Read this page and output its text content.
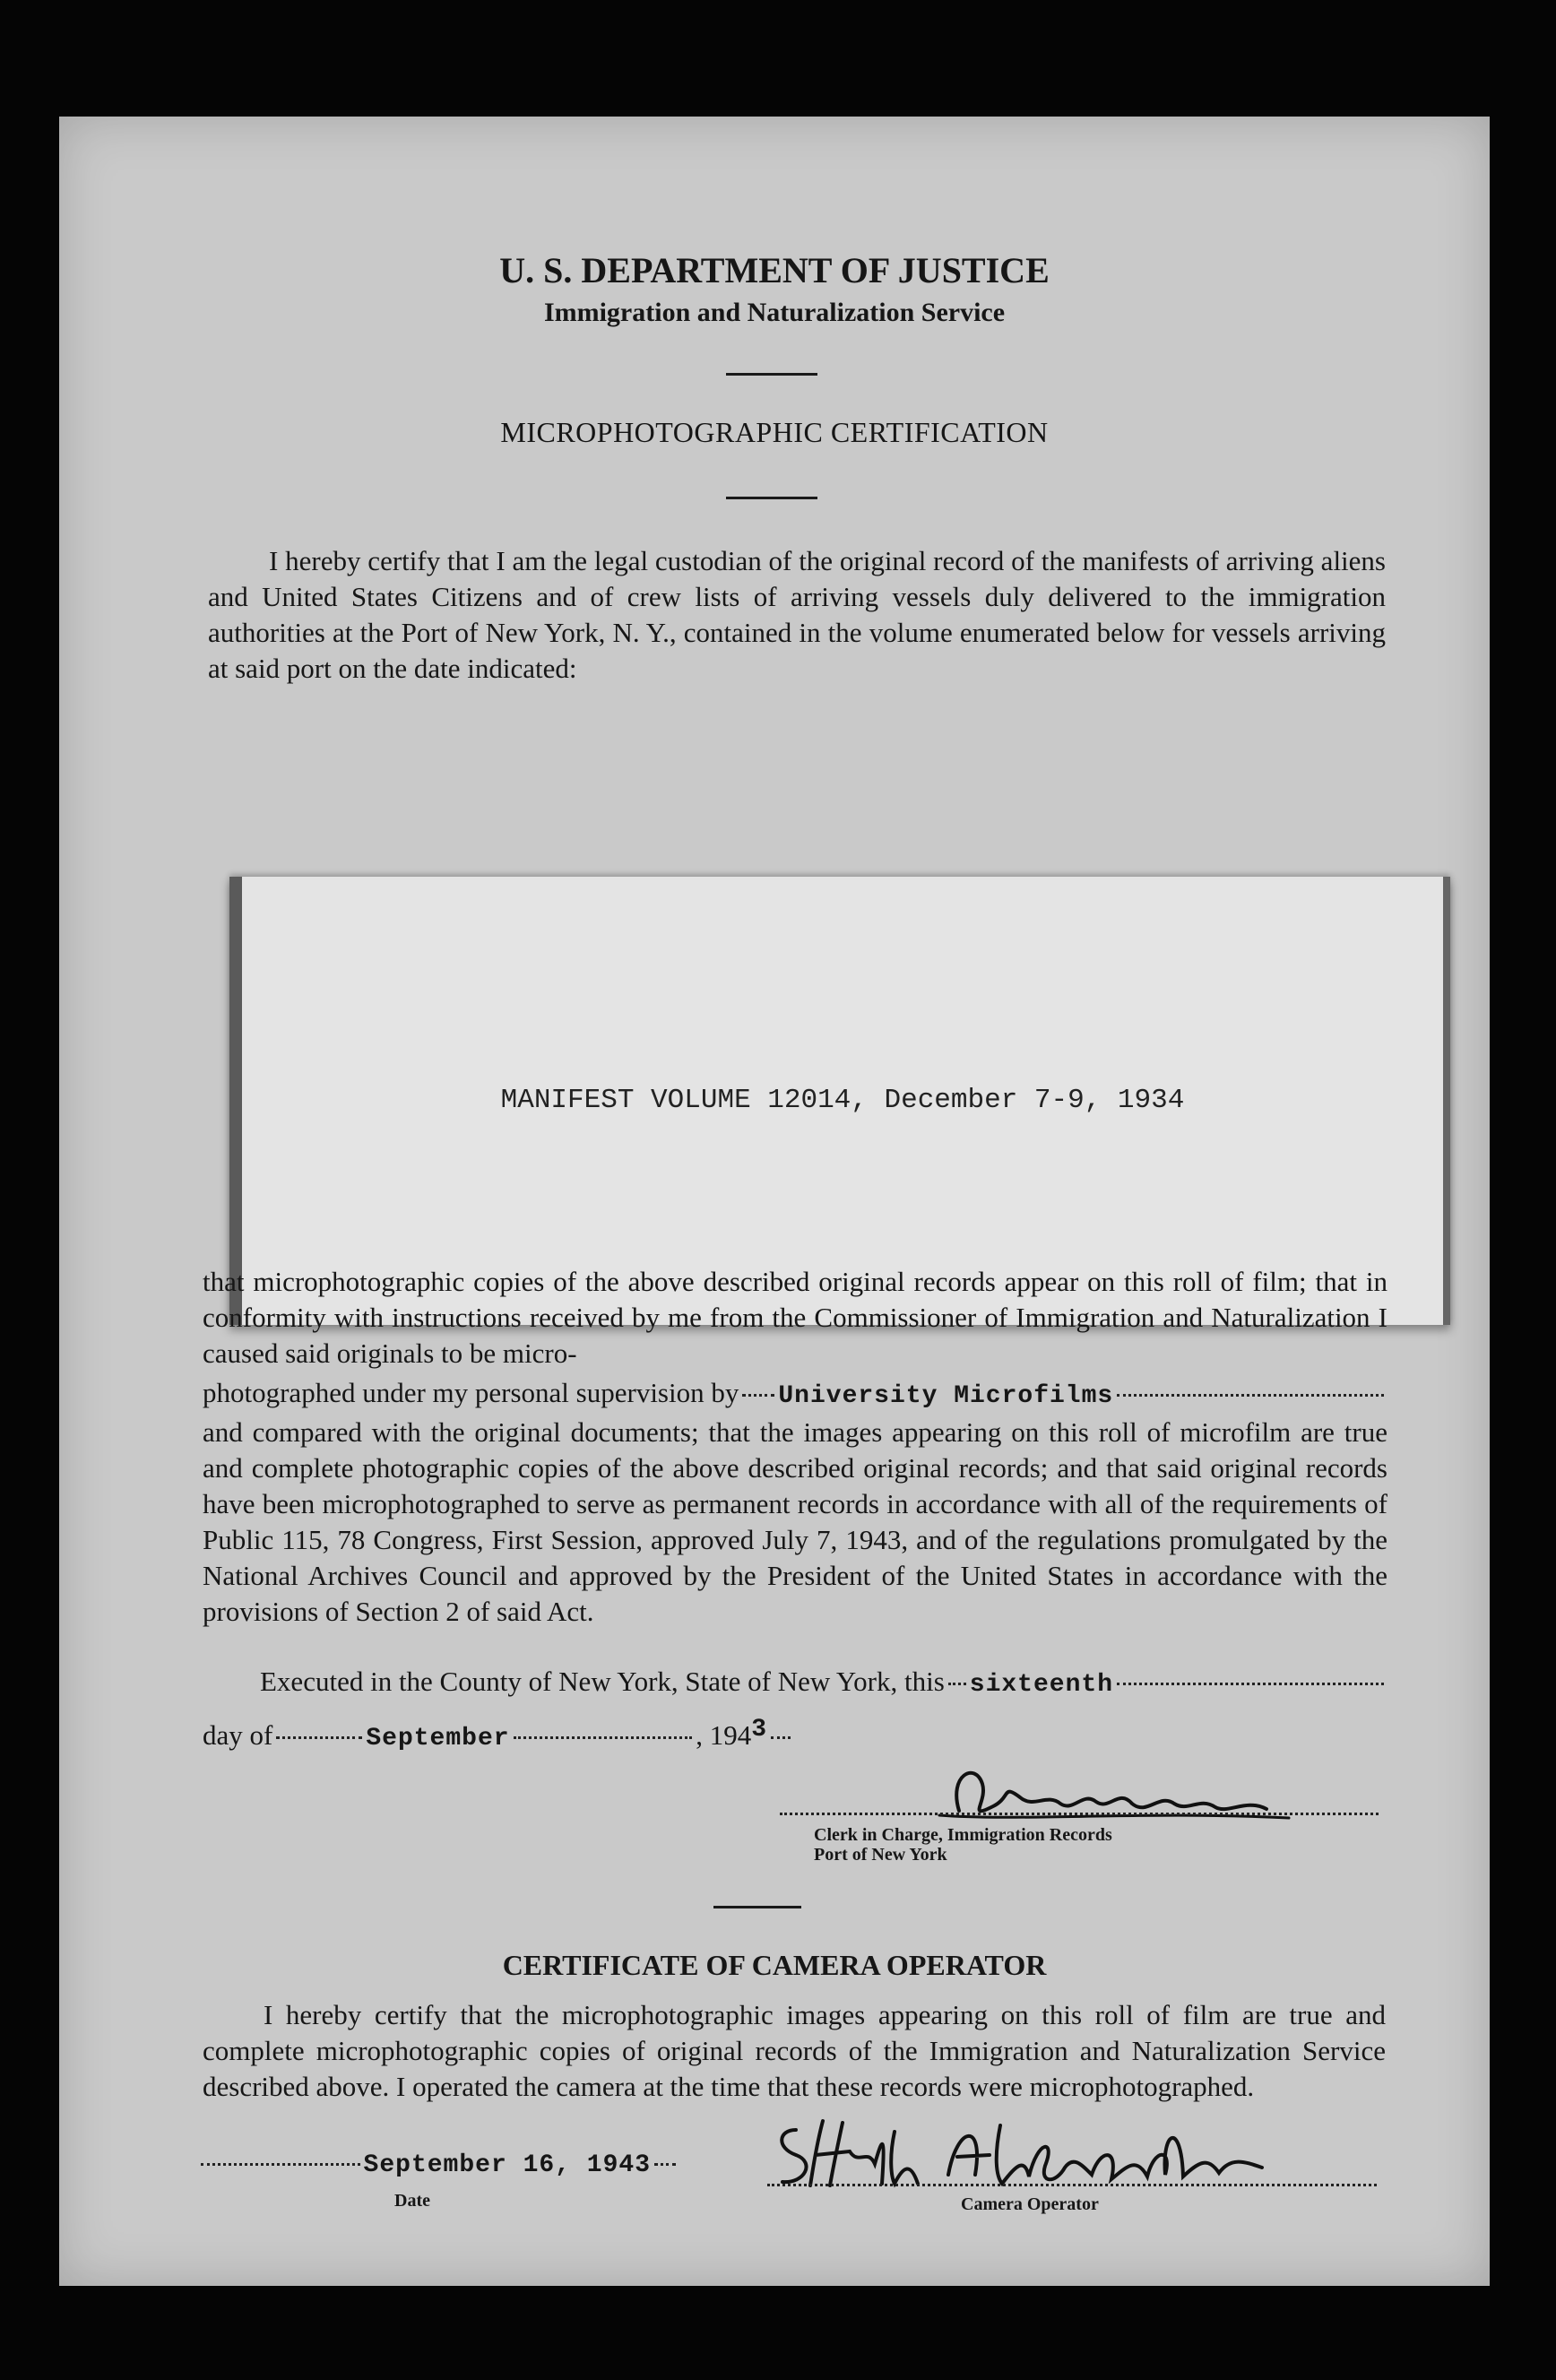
U. S. DEPARTMENT OF JUSTICE
Immigration and Naturalization Service
MICROPHOTOGRAPHIC CERTIFICATION

I hereby certify that I am the legal custodian of the original record of the manifests of arriving aliens and United States Citizens and of crew lists of arriving vessels duly delivered to the immigration authorities at the Port of New York, N. Y., contained in the volume enumerated below for vessels arriving at said port on the date indicated:

MANIFEST VOLUME 12014, December 7-9, 1934

that microphotographic copies of the above described original records appear on this roll of film; that in conformity with instructions received by me from the Commissioner of Immigration and Naturalization I caused said originals to be micro-

photographed under my personal supervision by University Microfilms

and compared with the original documents; that the images appearing on this roll of microfilm are true and complete photographic copies of the above described original records; and that said original records have been microphotographed to serve as permanent records in accordance with all of the requirements of Public 115, 78 Congress, First Session, approved July 7, 1943, and of the regulations promulgated by the National Archives Council and approved by the President of the United States in accordance with the provisions of Section 2 of said Act.

Executed in the County of New York, State of New York, this sixteenth
day of	September	, 194 3
Clerk in Charge, Immigration Records
Port of New York
CERTIFICATE OF CAMERA OPERATOR

I hereby certify that the microphotographic images appearing on this roll of film are true and complete microphotographic copies of original records of the Immigration and Naturalization Service described above. I operated the camera at the time that these records were microphotographed.

September 16, 1943
Date	Camera Operator
